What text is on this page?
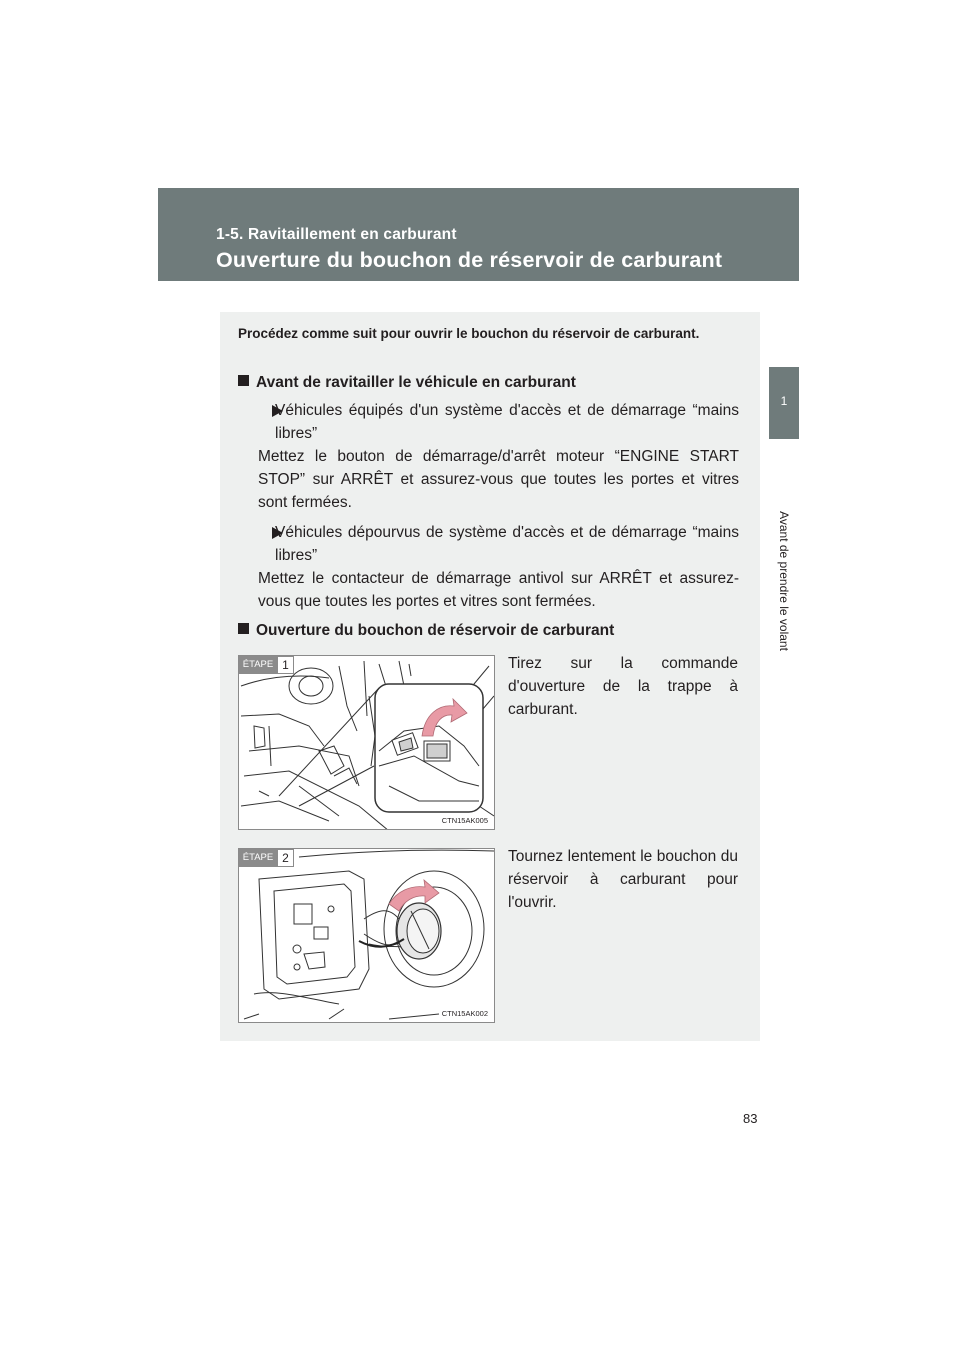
1-5. Ravitaillement en carburant
Ouverture du bouchon de réservoir de carburant
1
Avant de prendre le volant
Procédez comme suit pour ouvrir le bouchon du réservoir de carburant.
Avant de ravitailler le véhicule en carburant
Véhicules équipés d'un système d'accès et de démarrage “mains libres”
Mettez le bouton de démarrage/d'arrêt moteur “ENGINE START STOP” sur ARRÊT et assurez-vous que toutes les portes et vitres sont fermées.
Véhicules dépourvus de système d'accès et de démarrage “mains libres”
Mettez le contacteur de démarrage antivol sur ARRÊT et assurez-vous que toutes les portes et vitres sont fermées.
Ouverture du bouchon de réservoir de carburant
ÉTAPE 1
CTN15AK005
Tirez sur la commande d'ouverture de la trappe à carburant.
ÉTAPE 2
CTN15AK002
Tournez lentement le bouchon du réservoir à carburant pour l'ouvrir.
83
